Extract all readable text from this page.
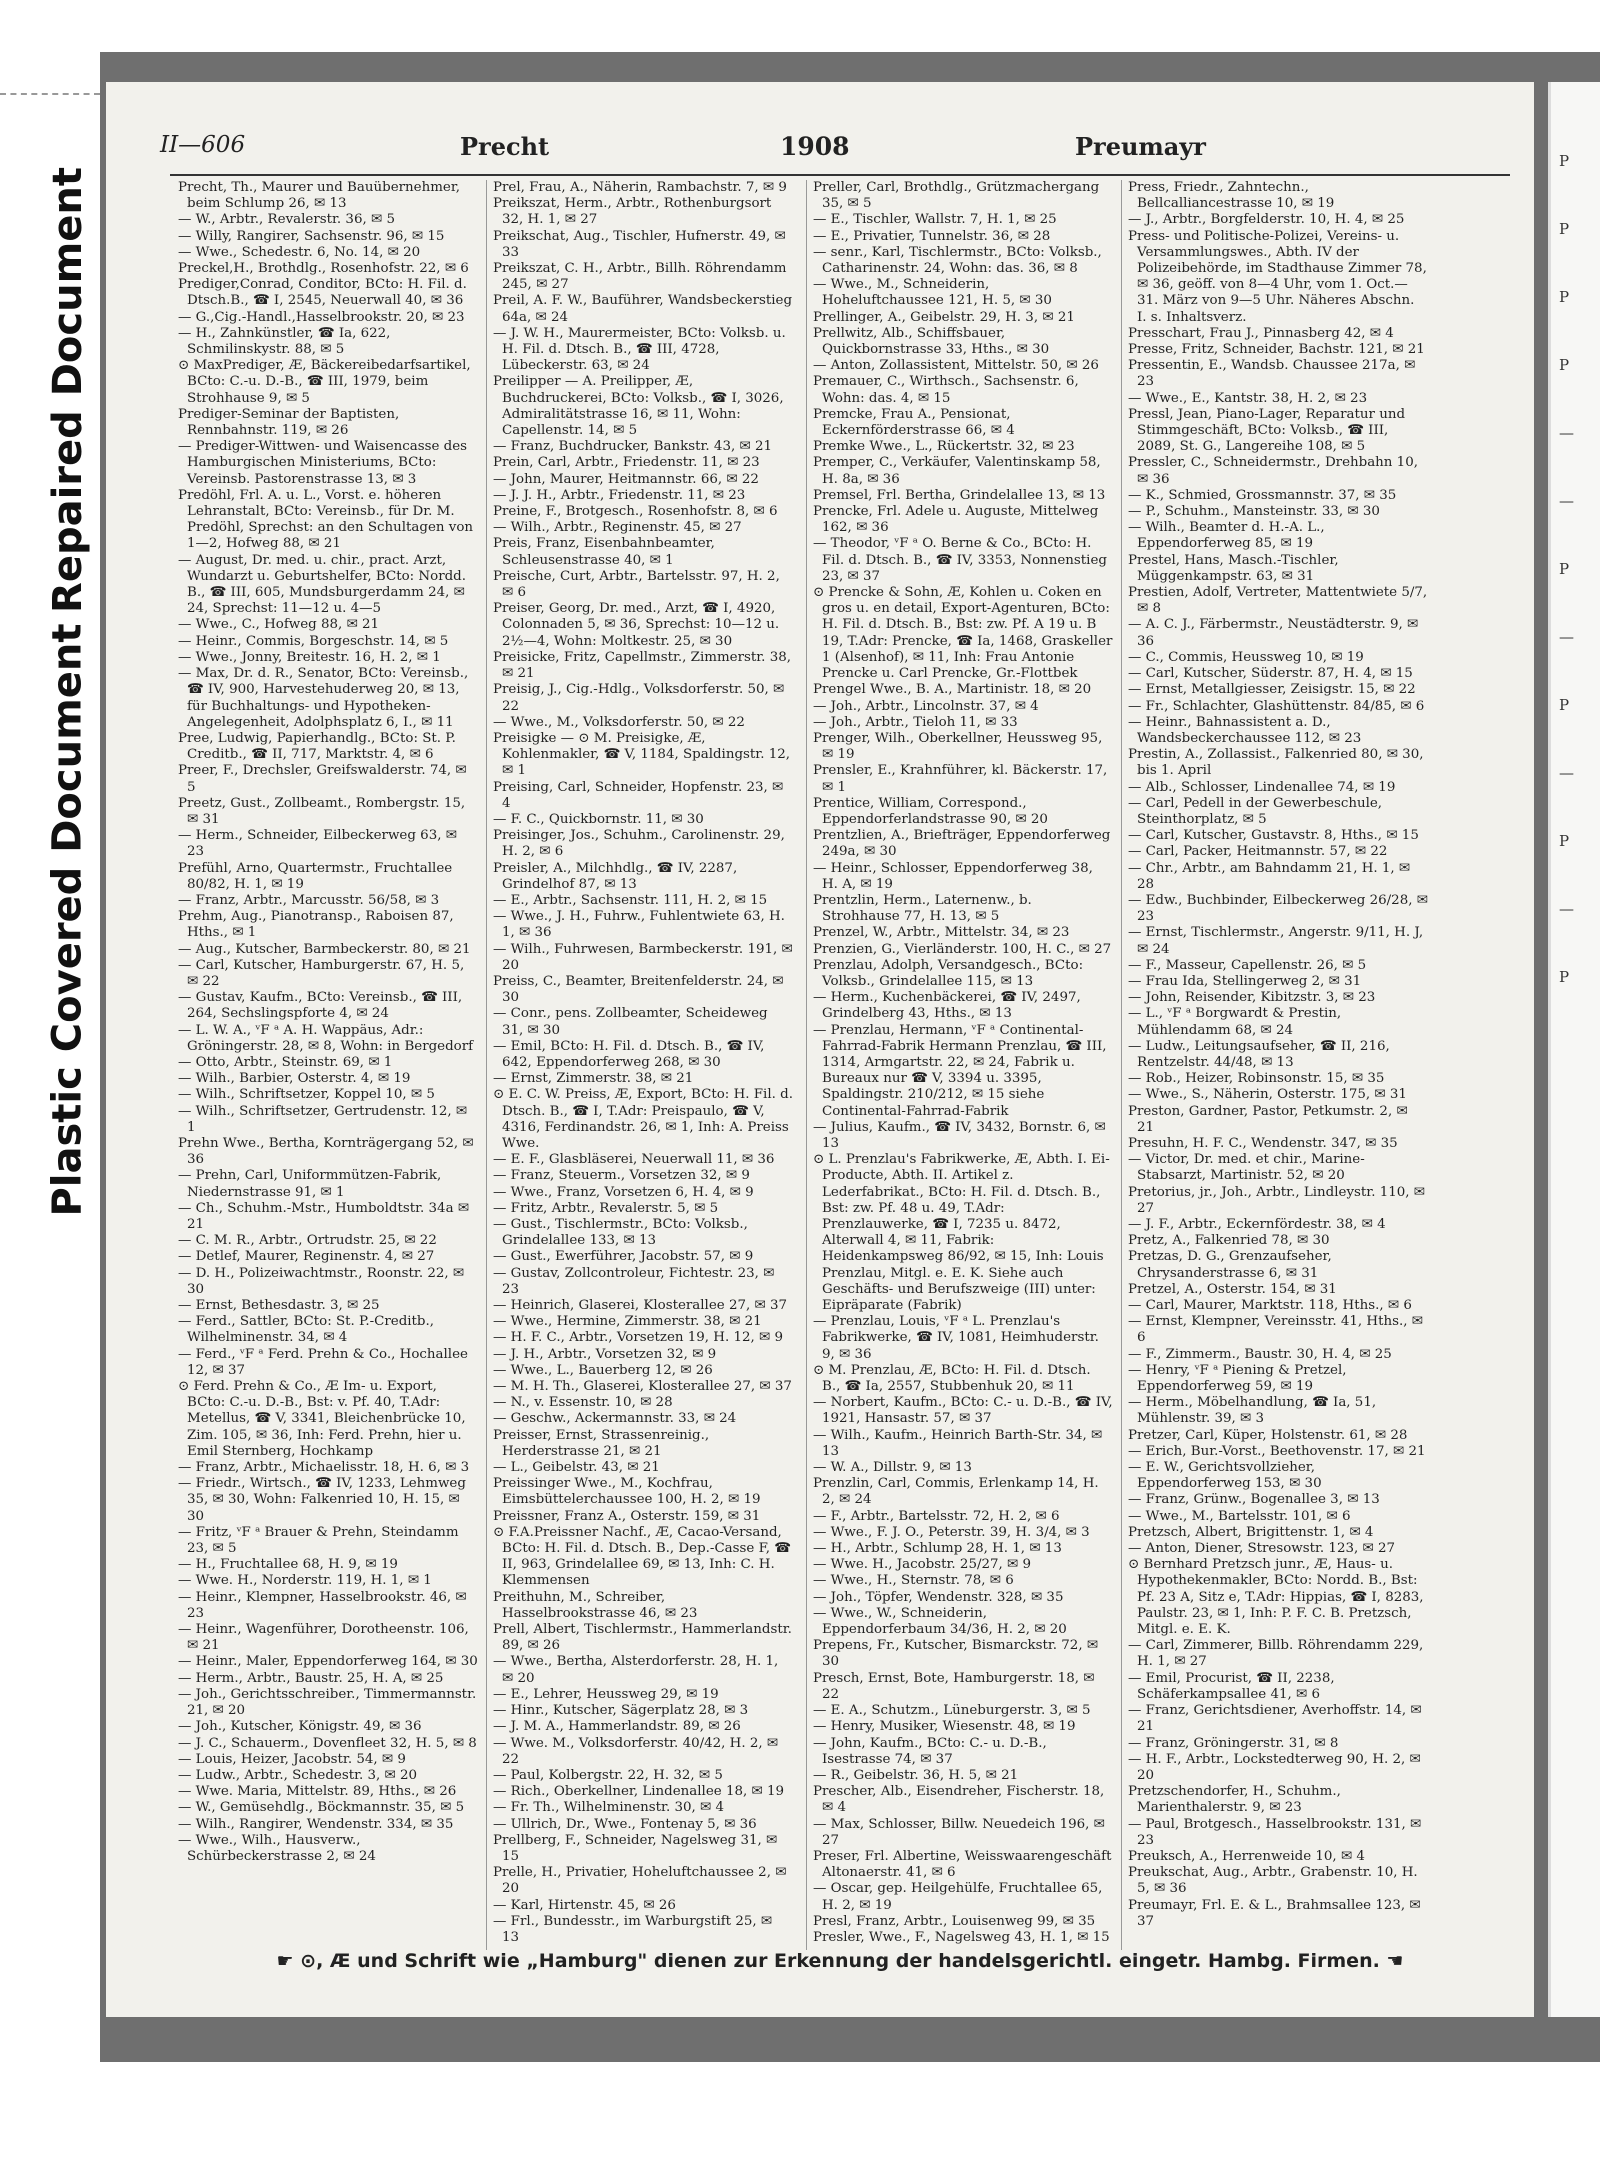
Repaired Document
Plastic Covered Document
P
P
P
P
—
—
P
—
P
—
P
—
P
II—606	Precht	1908	Preumayr

Precht, Th., Maurer und Bauübernehmer, beim Schlump 26, ✉ 13

— W., Arbtr., Revalerstr. 36, ✉ 5

— Willy, Rangirer, Sachsenstr. 96, ✉ 15

— Wwe., Schedestr. 6, No. 14, ✉ 20

Preckel,H., Brothdlg., Rosenhofstr. 22, ✉ 6

Prediger,Conrad, Conditor, BCto: H. Fil. d. Dtsch.B., ☎ I, 2545, Neuerwall 40, ✉ 36

— G.,Cig.-Handl.,Hasselbrookstr. 20, ✉ 23

— H., Zahnkünstler, ☎ Ia, 622, Schmilinskystr. 88, ✉ 5

⊙ MaxPrediger, Æ, Bäckereibedarfsartikel, BCto: C.-u. D.-B., ☎ III, 1979, beim Strohhause 9, ✉ 5

Prediger-Seminar der Baptisten, Rennbahnstr. 119, ✉ 26

— Prediger-Wittwen- und Waisencasse des Hamburgischen Ministeriums, BCto: Vereinsb. Pastorenstrasse 13, ✉ 3

Predöhl, Frl. A. u. L., Vorst. e. höheren Lehranstalt, BCto: Vereinsb., für Dr. M. Predöhl, Sprechst: an den Schultagen von 1—2, Hofweg 88, ✉ 21

— August, Dr. med. u. chir., pract. Arzt, Wundarzt u. Geburtshelfer, BCto: Nordd. B., ☎ III, 605, Mundsburgerdamm 24, ✉ 24, Sprechst: 11—12 u. 4—5

— Wwe., C., Hofweg 88, ✉ 21

— Heinr., Commis, Borgeschstr. 14, ✉ 5

— Wwe., Jonny, Breitestr. 16, H. 2, ✉ 1

— Max, Dr. d. R., Senator, BCto: Vereinsb., ☎ IV, 900, Harvestehuderweg 20, ✉ 13, für Buchhaltungs- und Hypotheken-Angelegenheit, Adolphsplatz 6, I., ✉ 11

Pree, Ludwig, Papierhandlg., BCto: St. P. Creditb., ☎ II, 717, Marktstr. 4, ✉ 6

Preer, F., Drechsler, Greifswalderstr. 74, ✉ 5

Preetz, Gust., Zollbeamt., Rombergstr. 15, ✉ 31

— Herm., Schneider, Eilbeckerweg 63, ✉ 23

Prefühl, Arno, Quartermstr., Fruchtallee 80/82, H. 1, ✉ 19

— Franz, Arbtr., Marcusstr. 56/58, ✉ 3

Prehm, Aug., Pianotransp., Raboisen 87, Hths., ✉ 1

— Aug., Kutscher, Barmbeckerstr. 80, ✉ 21

— Carl, Kutscher, Hamburgerstr. 67, H. 5, ✉ 22

— Gustav, Kaufm., BCto: Vereinsb., ☎ III, 264, Sechslingspforte 4, ✉ 24

— L. W. A., ᵛF ᵃ A. H. Wappäus, Adr.: Gröningerstr. 28, ✉ 8, Wohn: in Bergedorf

— Otto, Arbtr., Steinstr. 69, ✉ 1

— Wilh., Barbier, Osterstr. 4, ✉ 19

— Wilh., Schriftsetzer, Koppel 10, ✉ 5

— Wilh., Schriftsetzer, Gertrudenstr. 12, ✉ 1

Prehn Wwe., Bertha, Kornträgergang 52, ✉ 36

— Prehn, Carl, Uniformmützen-Fabrik, Niedernstrasse 91, ✉ 1

— Ch., Schuhm.-Mstr., Humboldtstr. 34a ✉ 21

— C. M. R., Arbtr., Ortrudstr. 25, ✉ 22

— Detlef, Maurer, Reginenstr. 4, ✉ 27

— D. H., Polizeiwachtmstr., Roonstr. 22, ✉ 30

— Ernst, Bethesdastr. 3, ✉ 25

— Ferd., Sattler, BCto: St. P.-Creditb., Wilhelminenstr. 34, ✉ 4

— Ferd., ᵛF ᵃ Ferd. Prehn & Co., Hochallee 12, ✉ 37

⊙ Ferd. Prehn & Co., Æ Im- u. Export, BCto: C.-u. D.-B., Bst: v. Pf. 40, T.Adr: Metellus, ☎ V, 3341, Bleichenbrücke 10, Zim. 105, ✉ 36, Inh: Ferd. Prehn, hier u. Emil Sternberg, Hochkamp

— Franz, Arbtr., Michaelisstr. 18, H. 6, ✉ 3

— Friedr., Wirtsch., ☎ IV, 1233, Lehmweg 35, ✉ 30, Wohn: Falkenried 10, H. 15, ✉ 30

— Fritz, ᵛF ᵃ Brauer & Prehn, Steindamm 23, ✉ 5

— H., Fruchtallee 68, H. 9, ✉ 19

— Wwe. H., Norderstr. 119, H. 1, ✉ 1

— Heinr., Klempner, Hasselbrookstr. 46, ✉ 23

— Heinr., Wagenführer, Dorotheenstr. 106, ✉ 21

— Heinr., Maler, Eppendorferweg 164, ✉ 30

— Herm., Arbtr., Baustr. 25, H. A, ✉ 25

— Joh., Gerichtsschreiber., Timmermannstr. 21, ✉ 20

— Joh., Kutscher, Königstr. 49, ✉ 36

— J. C., Schauerm., Dovenfleet 32, H. 5, ✉ 8

— Louis, Heizer, Jacobstr. 54, ✉ 9

— Ludw., Arbtr., Schedestr. 3, ✉ 20

— Wwe. Maria, Mittelstr. 89, Hths., ✉ 26

— W., Gemüsehdlg., Böckmannstr. 35, ✉ 5

— Wilh., Rangirer, Wendenstr. 334, ✉ 35

— Wwe., Wilh., Hausverw., Schürbeckerstrasse 2, ✉ 24

Prel, Frau, A., Näherin, Rambachstr. 7, ✉ 9

Preikszat, Herm., Arbtr., Rothenburgsort 32, H. 1, ✉ 27

Preikschat, Aug., Tischler, Hufnerstr. 49, ✉ 33

Preikszat, C. H., Arbtr., Billh. Röhrendamm 245, ✉ 27

Preil, A. F. W., Bauführer, Wandsbeckerstieg 64a, ✉ 24

— J. W. H., Maurermeister, BCto: Volksb. u. H. Fil. d. Dtsch. B., ☎ III, 4728, Lübeckerstr. 63, ✉ 24

Preilipper — A. Preilipper, Æ, Buchdruckerei, BCto: Volksb., ☎ I, 3026, Admiralitätstrasse 16, ✉ 11, Wohn: Capellenstr. 14, ✉ 5

— Franz, Buchdrucker, Bankstr. 43, ✉ 21

Prein, Carl, Arbtr., Friedenstr. 11, ✉ 23

— John, Maurer, Heitmannstr. 66, ✉ 22

— J. J. H., Arbtr., Friedenstr. 11, ✉ 23

Preine, F., Brotgesch., Rosenhofstr. 8, ✉ 6

— Wilh., Arbtr., Reginenstr. 45, ✉ 27

Preis, Franz, Eisenbahnbeamter, Schleusenstrasse 40, ✉ 1

Preische, Curt, Arbtr., Bartelsstr. 97, H. 2, ✉ 6

Preiser, Georg, Dr. med., Arzt, ☎ I, 4920, Colonnaden 5, ✉ 36, Sprechst: 10—12 u. 2½—4, Wohn: Moltkestr. 25, ✉ 30

Preisicke, Fritz, Capellmstr., Zimmerstr. 38, ✉ 21

Preisig, J., Cig.-Hdlg., Volksdorferstr. 50, ✉ 22

— Wwe., M., Volksdorferstr. 50, ✉ 22

Preisigke — ⊙ M. Preisigke, Æ, Kohlenmakler, ☎ V, 1184, Spaldingstr. 12, ✉ 1

Preising, Carl, Schneider, Hopfenstr. 23, ✉ 4

— F. C., Quickbornstr. 11, ✉ 30

Preisinger, Jos., Schuhm., Carolinenstr. 29, H. 2, ✉ 6

Preisler, A., Milchhdlg., ☎ IV, 2287, Grindelhof 87, ✉ 13

— E., Arbtr., Sachsenstr. 111, H. 2, ✉ 15

— Wwe., J. H., Fuhrw., Fuhlentwiete 63, H. 1, ✉ 36

— Wilh., Fuhrwesen, Barmbeckerstr. 191, ✉ 20

Preiss, C., Beamter, Breitenfelderstr. 24, ✉ 30

— Conr., pens. Zollbeamter, Scheideweg 31, ✉ 30

— Emil, BCto: H. Fil. d. Dtsch. B., ☎ IV, 642, Eppendorferweg 268, ✉ 30

— Ernst, Zimmerstr. 38, ✉ 21

⊙ E. C. W. Preiss, Æ, Export, BCto: H. Fil. d. Dtsch. B., ☎ I, T.Adr: Preispaulo, ☎ V, 4316, Ferdinandstr. 26, ✉ 1, Inh: A. Preiss Wwe.

— E. F., Glasbläserei, Neuerwall 11, ✉ 36

— Franz, Steuerm., Vorsetzen 32, ✉ 9

— Wwe., Franz, Vorsetzen 6, H. 4, ✉ 9

— Fritz, Arbtr., Revalerstr. 5, ✉ 5

— Gust., Tischlermstr., BCto: Volksb., Grindelallee 133, ✉ 13

— Gust., Ewerführer, Jacobstr. 57, ✉ 9

— Gustav, Zollcontroleur, Fichtestr. 23, ✉ 23

— Heinrich, Glaserei, Klosterallee 27, ✉ 37

— Wwe., Hermine, Zimmerstr. 38, ✉ 21

— H. F. C., Arbtr., Vorsetzen 19, H. 12, ✉ 9

— J. H., Arbtr., Vorsetzen 32, ✉ 9

— Wwe., L., Bauerberg 12, ✉ 26

— M. H. Th., Glaserei, Klosterallee 27, ✉ 37

— N., v. Essenstr. 10, ✉ 28

— Geschw., Ackermannstr. 33, ✉ 24

Preisser, Ernst, Strassenreinig., Herderstrasse 21, ✉ 21

— L., Geibelstr. 43, ✉ 21

Preissinger Wwe., M., Kochfrau, Eimsbüttelerchaussee 100, H. 2, ✉ 19

Preissner, Franz A., Osterstr. 159, ✉ 31

⊙ F.A.Preissner Nachf., Æ, Cacao-Versand, BCto: H. Fil. d. Dtsch. B., Dep.-Casse F, ☎ II, 963, Grindelallee 69, ✉ 13, Inh: C. H. Klemmensen

Preithuhn, M., Schreiber, Hasselbrookstrasse 46, ✉ 23

Prell, Albert, Tischlermstr., Hammerlandstr. 89, ✉ 26

— Wwe., Bertha, Alsterdorferstr. 28, H. 1, ✉ 20

— E., Lehrer, Heussweg 29, ✉ 19

— Hinr., Kutscher, Sägerplatz 28, ✉ 3

— J. M. A., Hammerlandstr. 89, ✉ 26

— Wwe. M., Volksdorferstr. 40/42, H. 2, ✉ 22

— Paul, Kolbergstr. 22, H. 32, ✉ 5

— Rich., Oberkellner, Lindenallee 18, ✉ 19

— Fr. Th., Wilhelminenstr. 30, ✉ 4

— Ullrich, Dr., Wwe., Fontenay 5, ✉ 36

Prellberg, F., Schneider, Nagelsweg 31, ✉ 15

Prelle, H., Privatier, Hoheluftchaussee 2, ✉ 20

— Karl, Hirtenstr. 45, ✉ 26

— Frl., Bundesstr., im Warburgstift 25, ✉ 13

Preller, Carl, Brothdlg., Grützmachergang 35, ✉ 5

— E., Tischler, Wallstr. 7, H. 1, ✉ 25

— E., Privatier, Tunnelstr. 36, ✉ 28

— senr., Karl, Tischlermstr., BCto: Volksb., Catharinenstr. 24, Wohn: das. 36, ✉ 8

— Wwe., M., Schneiderin, Hoheluftchaussee 121, H. 5, ✉ 30

Prellinger, A., Geibelstr. 29, H. 3, ✉ 21

Prellwitz, Alb., Schiffsbauer, Quickbornstrasse 33, Hths., ✉ 30

— Anton, Zollassistent, Mittelstr. 50, ✉ 26

Premauer, C., Wirthsch., Sachsenstr. 6, Wohn: das. 4, ✉ 15

Premcke, Frau A., Pensionat, Eckernförderstrasse 66, ✉ 4

Premke Wwe., L., Rückertstr. 32, ✉ 23

Premper, C., Verkäufer, Valentinskamp 58, H. 8a, ✉ 36

Premsel, Frl. Bertha, Grindelallee 13, ✉ 13

Prencke, Frl. Adele u. Auguste, Mittelweg 162, ✉ 36

— Theodor, ᵛF ᵃ O. Berne & Co., BCto: H. Fil. d. Dtsch. B., ☎ IV, 3353, Nonnenstieg 23, ✉ 37

⊙ Prencke & Sohn, Æ, Kohlen u. Coken en gros u. en detail, Export-Agenturen, BCto: H. Fil. d. Dtsch. B., Bst: zw. Pf. A 19 u. B 19, T.Adr: Prencke, ☎ Ia, 1468, Graskeller 1 (Alsenhof), ✉ 11, Inh: Frau Antonie Prencke u. Carl Prencke, Gr.-Flottbek

Prengel Wwe., B. A., Martinistr. 18, ✉ 20

— Joh., Arbtr., Lincolnstr. 37, ✉ 4

— Joh., Arbtr., Tieloh 11, ✉ 33

Prenger, Wilh., Oberkellner, Heussweg 95, ✉ 19

Prensler, E., Krahnführer, kl. Bäckerstr. 17, ✉ 1

Prentice, William, Correspond., Eppendorferlandstrasse 90, ✉ 20

Prentzlien, A., Briefträger, Eppendorferweg 249a, ✉ 30

— Heinr., Schlosser, Eppendorferweg 38, H. A, ✉ 19

Prentzlin, Herm., Laternenw., b. Strohhause 77, H. 13, ✉ 5

Prenzel, W., Arbtr., Mittelstr. 34, ✉ 23

Prenzien, G., Vierländerstr. 100, H. C., ✉ 27

Prenzlau, Adolph, Versandgesch., BCto: Volksb., Grindelallee 115, ✉ 13

— Herm., Kuchenbäckerei, ☎ IV, 2497, Grindelberg 43, Hths., ✉ 13

— Prenzlau, Hermann, ᵛF ᵃ Continental-Fahrrad-Fabrik Hermann Prenzlau, ☎ III, 1314, Armgartstr. 22, ✉ 24, Fabrik u. Bureaux nur ☎ V, 3394 u. 3395, Spaldingstr. 210/212, ✉ 15 siehe Continental-Fahrrad-Fabrik

— Julius, Kaufm., ☎ IV, 3432, Bornstr. 6, ✉ 13

⊙ L. Prenzlau's Fabrikwerke, Æ, Abth. I. Ei-Producte, Abth. II. Artikel z. Lederfabrikat., BCto: H. Fil. d. Dtsch. B., Bst: zw. Pf. 48 u. 49, T.Adr: Prenzlauwerke, ☎ I, 7235 u. 8472, Alterwall 4, ✉ 11, Fabrik: Heidenkampsweg 86/92, ✉ 15, Inh: Louis Prenzlau, Mitgl. e. E. K. Siehe auch Geschäfts- und Berufszweige (III) unter: Eipräparate (Fabrik)

— Prenzlau, Louis, ᵛF ᵃ L. Prenzlau's Fabrikwerke, ☎ IV, 1081, Heimhuderstr. 9, ✉ 36

⊙ M. Prenzlau, Æ, BCto: H. Fil. d. Dtsch. B., ☎ Ia, 2557, Stubbenhuk 20, ✉ 11

— Norbert, Kaufm., BCto: C.- u. D.-B., ☎ IV, 1921, Hansastr. 57, ✉ 37

— Wilh., Kaufm., Heinrich Barth-Str. 34, ✉ 13

— W. A., Dillstr. 9, ✉ 13

Prenzlin, Carl, Commis, Erlenkamp 14, H. 2, ✉ 24

— F., Arbtr., Bartelsstr. 72, H. 2, ✉ 6

— Wwe., F. J. O., Peterstr. 39, H. 3/4, ✉ 3

— H., Arbtr., Schlump 28, H. 1, ✉ 13

— Wwe. H., Jacobstr. 25/27, ✉ 9

— Wwe., H., Sternstr. 78, ✉ 6

— Joh., Töpfer, Wendenstr. 328, ✉ 35

— Wwe., W., Schneiderin, Eppendorferbaum 34/36, H. 2, ✉ 20

Prepens, Fr., Kutscher, Bismarckstr. 72, ✉ 30

Presch, Ernst, Bote, Hamburgerstr. 18, ✉ 22

— E. A., Schutzm., Lüneburgerstr. 3, ✉ 5

— Henry, Musiker, Wiesenstr. 48, ✉ 19

— John, Kaufm., BCto: C.- u. D.-B., Isestrasse 74, ✉ 37

— R., Geibelstr. 36, H. 5, ✉ 21

Prescher, Alb., Eisendreher, Fischerstr. 18, ✉ 4

— Max, Schlosser, Billw. Neuedeich 196, ✉ 27

Preser, Frl. Albertine, Weisswaarengeschäft Altonaerstr. 41, ✉ 6

— Oscar, gep. Heilgehülfe, Fruchtallee 65, H. 2, ✉ 19

Presl, Franz, Arbtr., Louisenweg 99, ✉ 35

Presler, Wwe., F., Nagelsweg 43, H. 1, ✉ 15

Press, Friedr., Zahntechn., Bellcalliancestrasse 10, ✉ 19

— J., Arbtr., Borgfelderstr. 10, H. 4, ✉ 25

Press- und Politische-Polizei, Vereins- u. Versammlungswes., Abth. IV der Polizeibehörde, im Stadthause Zimmer 78, ✉ 36, geöff. von 8—4 Uhr, vom 1. Oct.—31. März von 9—5 Uhr. Näheres Abschn. I. s. Inhaltsverz.

Presschart, Frau J., Pinnasberg 42, ✉ 4

Presse, Fritz, Schneider, Bachstr. 121, ✉ 21

Pressentin, E., Wandsb. Chaussee 217a, ✉ 23

— Wwe., E., Kantstr. 38, H. 2, ✉ 23

Pressl, Jean, Piano-Lager, Reparatur und Stimmgeschäft, BCto: Volksb., ☎ III, 2089, St. G., Langereihe 108, ✉ 5

Pressler, C., Schneidermstr., Drehbahn 10, ✉ 36

— K., Schmied, Grossmannstr. 37, ✉ 35

— P., Schuhm., Mansteinstr. 33, ✉ 30

— Wilh., Beamter d. H.-A. L., Eppendorferweg 85, ✉ 19

Prestel, Hans, Masch.-Tischler, Müggenkampstr. 63, ✉ 31

Prestien, Adolf, Vertreter, Mattentwiete 5/7, ✉ 8

— A. C. J., Färbermstr., Neustädterstr. 9, ✉ 36

— C., Commis, Heussweg 10, ✉ 19

— Carl, Kutscher, Süderstr. 87, H. 4, ✉ 15

— Ernst, Metallgiesser, Zeisigstr. 15, ✉ 22

— Fr., Schlachter, Glashüttenstr. 84/85, ✉ 6

— Heinr., Bahnassistent a. D., Wandsbeckerchaussee 112, ✉ 23

Prestin, A., Zollassist., Falkenried 80, ✉ 30, bis 1. April

— Alb., Schlosser, Lindenallee 74, ✉ 19

— Carl, Pedell in der Gewerbeschule, Steinthorplatz, ✉ 5

— Carl, Kutscher, Gustavstr. 8, Hths., ✉ 15

— Carl, Packer, Heitmannstr. 57, ✉ 22

— Chr., Arbtr., am Bahndamm 21, H. 1, ✉ 28

— Edw., Buchbinder, Eilbeckerweg 26/28, ✉ 23

— Ernst, Tischlermstr., Angerstr. 9/11, H. J, ✉ 24

— F., Masseur, Capellenstr. 26, ✉ 5

— Frau Ida, Stellingerweg 2, ✉ 31

— John, Reisender, Kibitzstr. 3, ✉ 23

— L., ᵛF ᵃ Borgwardt & Prestin, Mühlendamm 68, ✉ 24

— Ludw., Leitungsaufseher, ☎ II, 216, Rentzelstr. 44/48, ✉ 13

— Rob., Heizer, Robinsonstr. 15, ✉ 35

— Wwe., S., Näherin, Osterstr. 175, ✉ 31

Preston, Gardner, Pastor, Petkumstr. 2, ✉ 21

Presuhn, H. F. C., Wendenstr. 347, ✉ 35

— Victor, Dr. med. et chir., Marine-Stabsarzt, Martinistr. 52, ✉ 20

Pretorius, jr., Joh., Arbtr., Lindleystr. 110, ✉ 27

— J. F., Arbtr., Eckernfördestr. 38, ✉ 4

Pretz, A., Falkenried 78, ✉ 30

Pretzas, D. G., Grenzaufseher, Chrysanderstrasse 6, ✉ 31

Pretzel, A., Osterstr. 154, ✉ 31

— Carl, Maurer, Marktstr. 118, Hths., ✉ 6

— Ernst, Klempner, Vereinsstr. 41, Hths., ✉ 6

— F., Zimmerm., Baustr. 30, H. 4, ✉ 25

— Henry, ᵛF ᵃ Piening & Pretzel, Eppendorferweg 59, ✉ 19

— Herm., Möbelhandlung, ☎ Ia, 51, Mühlenstr. 39, ✉ 3

Pretzer, Carl, Küper, Holstenstr. 61, ✉ 28

— Erich, Bur.-Vorst., Beethovenstr. 17, ✉ 21

— E. W., Gerichtsvollzieher, Eppendorferweg 153, ✉ 30

— Franz, Grünw., Bogenallee 3, ✉ 13

— Wwe., M., Bartelsstr. 101, ✉ 6

Pretzsch, Albert, Brigittenstr. 1, ✉ 4

— Anton, Diener, Stresowstr. 123, ✉ 27

⊙ Bernhard Pretzsch junr., Æ, Haus- u. Hypothekenmakler, BCto: Nordd. B., Bst: Pf. 23 A, Sitz e, T.Adr: Hippias, ☎ I, 8283, Paulstr. 23, ✉ 1, Inh: P. F. C. B. Pretzsch, Mitgl. e. E. K.

— Carl, Zimmerer, Billb. Röhrendamm 229, H. 1, ✉ 27

— Emil, Procurist, ☎ II, 2238, Schäferkampsallee 41, ✉ 6

— Franz, Gerichtsdiener, Averhoffstr. 14, ✉ 21

— Franz, Gröningerstr. 31, ✉ 8

— H. F., Arbtr., Lockstedterweg 90, H. 2, ✉ 20

Pretzschendorfer, H., Schuhm., Marienthalerstr. 9, ✉ 23

— Paul, Brotgesch., Hasselbrookstr. 131, ✉ 23

Preuksch, A., Herrenweide 10, ✉ 4

Preukschat, Aug., Arbtr., Grabenstr. 10, H. 5, ✉ 36

Preumayr, Frl. E. & L., Brahmsallee 123, ✉ 37

☛ ⊙, Æ und Schrift wie „Hamburg" dienen zur Erkennung der handelsgerichtl. eingetr. Hambg. Firmen. ☚
